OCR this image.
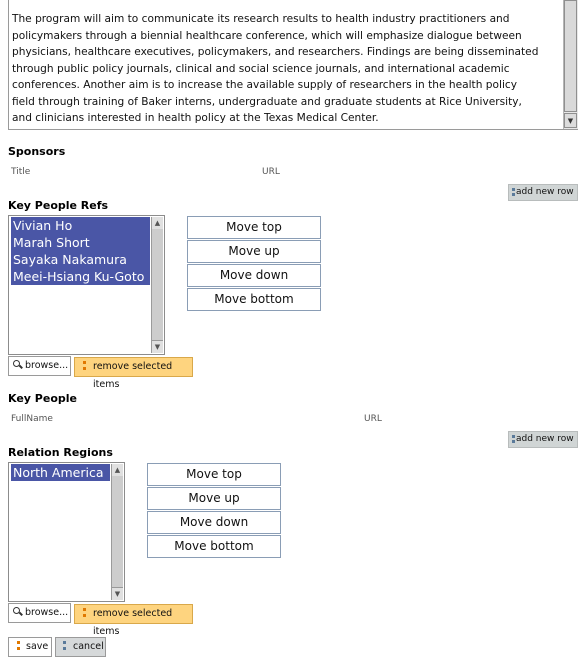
The program will aim to communicate its research results to health industry practitioners and policymakers through a biennial healthcare conference, which will emphasize dialogue between physicians, healthcare executives, policymakers, and researchers. Findings are being disseminated through public policy journals, clinical and social science journals, and international academic conferences. Another aim is to increase the available supply of researchers in the health policy field through training of Baker interns, undergraduate and graduate students at Rice University, and clinicians interested in health policy at the Texas Medical Center.	▼
Sponsors
Title	URL
add new row
Key People Refs
Vivian Ho
Marah Short
Sayaka Nakamura
Meei-Hsiang Ku-Goto
▲
▼
Move top
Move up
Move down
Move bottom
browse...	remove selected items
Key People
FullName	URL
add new row
Relation Regions
North America	▲
▼
Move top
Move up
Move down
Move bottom
browse...	remove selected items
save	cancel
